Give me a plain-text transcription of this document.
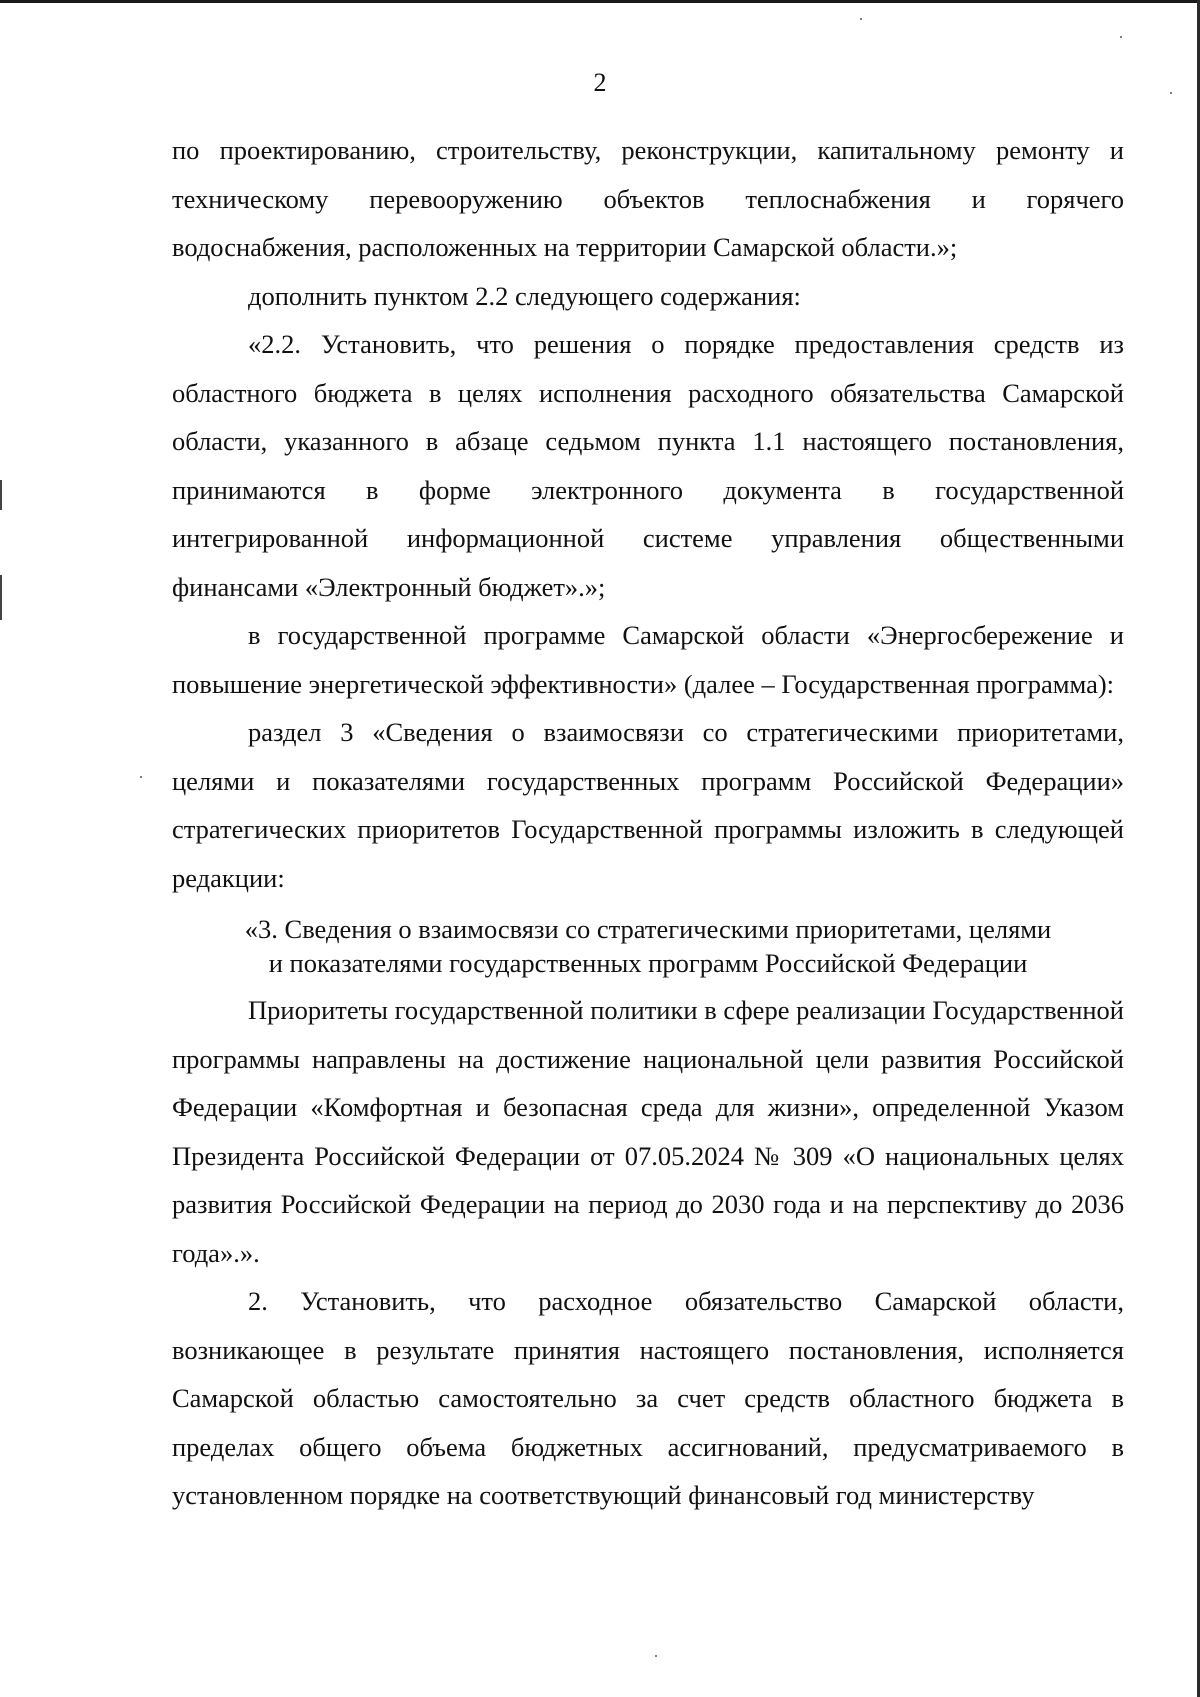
2

по проектированию, строительству, реконструкции, капитальному ремонту и техническому перевооружению объектов теплоснабжения и горячего водоснабжения, расположенных на территории Самарской области.»;

дополнить пунктом 2.2 следующего содержания:

«2.2. Установить, что решения о порядке предоставления средств из областного бюджета в целях исполнения расходного обязательства Самарской области, указанного в абзаце седьмом пункта 1.1 настоящего постановления, принимаются в форме электронного документа в государственной интегрированной информационной системе управления общественными финансами «Электронный бюджет».»;

в государственной программе Самарской области «Энергосбережение и повышение энергетической эффективности» (далее – Государственная программа):

раздел 3 «Сведения о взаимосвязи со стратегическими приоритетами, целями и показателями государственных программ Российской Федерации» стратегических приоритетов Государственной программы изложить в следующей редакции:

«3. Сведения о взаимосвязи со стратегическими приоритетами, целями
и показателями государственных программ Российской Федерации

Приоритеты государственной политики в сфере реализации Государственной программы направлены на достижение национальной цели развития Российской Федерации «Комфортная и безопасная среда для жизни», определенной Указом Президента Российской Федерации от 07.05.2024 № 309 «О национальных целях развития Российской Федерации на период до 2030 года и на перспективу до 2036 года».».

2. Установить, что расходное обязательство Самарской области, возникающее в результате принятия настоящего постановления, исполняется Самарской областью самостоятельно за счет средств областного бюджета в пределах общего объема бюджетных ассигнований, предусматриваемого в установленном порядке на соответствующий финансовый год министерству
